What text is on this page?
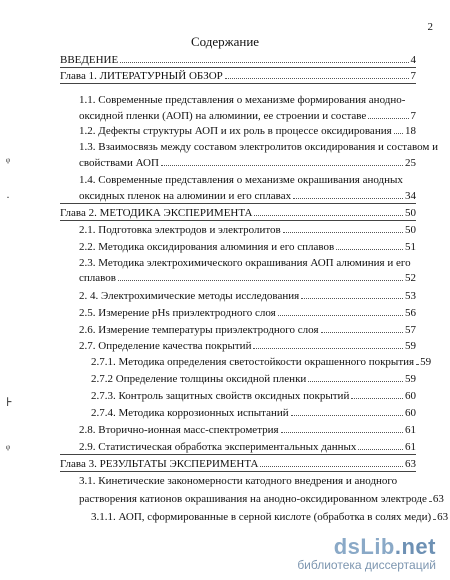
2
Содержание
ВВЕДЕНИЕ	4
Глава 1. ЛИТЕРАТУРНЫЙ ОБЗОР	7
1.1. Современные представления о механизме формирования анодно-
оксидной пленки (АОП) на алюминии, ее строении и составе	7
1.2. Дефекты структуры АОП и их роль в процессе оксидирования 18
1.3. Взаимосвязь между составом электролитов оксидирования и составом и
свойствами АОП	25
1.4. Современные представления о механизме окрашивания анодных
оксидных пленок на алюминии и его сплавах	34
Глава 2. МЕТОДИКА ЭКСПЕРИМЕНТА	50
2.1. Подготовка электродов и электролитов	50
2.2. Методика оксидирования алюминия и его сплавов	51
2.3. Методика электрохимического окрашивания АОП алюминия и его
сплавов	52
2. 4. Электрохимические методы исследования	53
2.5. Измерение pHs приэлектродного слоя	56
2.6. Измерение температуры приэлектродного слоя	57
2.7. Определение качества покрытий	59
2.7.1. Методика определения светостойкости окрашенного покрытия 59
2.7.2 Определение толщины оксидной пленки	59
2.7.3. Контроль защитных свойств оксидных покрытий	60
2.7.4. Методика коррозионных испытаний	60
2.8. Вторично-ионная масс-спектрометрия	61
2.9. Статистическая обработка экспериментальных данных	61
Глава 3. РЕЗУЛЬТАТЫ ЭКСПЕРИМЕНТА	63
3.1. Кинетические закономерности катодного внедрения и анодного
растворения катионов окрашивания на анодно-оксидированном электроде 63
3.1.1. АОП, сформированные в серной кислоте (обработка в солях меди) 63
ᵩ
·
⊦
ᵩ
dsLib.net
библиотека диссертаций
